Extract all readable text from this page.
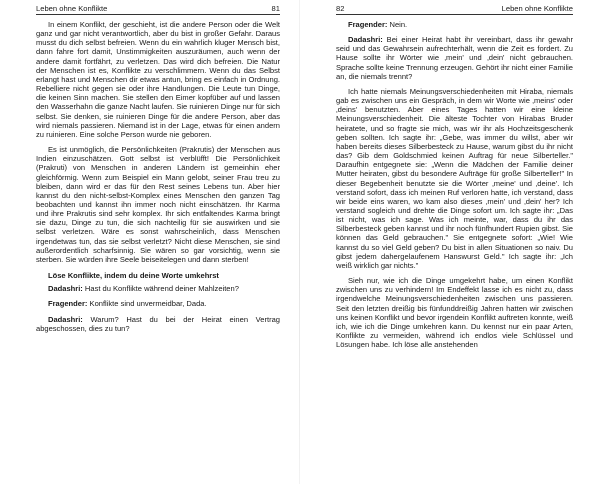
Leben ohne Konflikte	81

In einem Konflikt, der geschieht, ist die andere Person oder die Welt ganz und gar nicht verantwortlich, aber du bist in großer Gefahr. Daraus musst du dich selbst befreien. Wenn du ein wahrlich kluger Mensch bist, dann fahre fort damit, Unstimmigkeiten auszuräumen, auch wenn der andere damit fortfährt, zu verletzen. Das wird dich befreien. Die Natur der Menschen ist es, Konflikte zu verschlimmern. Wenn du das Selbst erlangt hast und Menschen dir etwas antun, bring es einfach in Ordnung. Rebelliere nicht gegen sie oder ihre Handlungen. Die Leute tun Dinge, die keinen Sinn machen. Sie stellen den Eimer kopfüber auf und lassen den Wasserhahn die ganze Nacht laufen. Sie ruinieren Dinge nur für sich selbst. Sie denken, sie ruinieren Dinge für die andere Person, aber das wird niemals passieren. Niemand ist in der Lage, etwas für einen andern zu ruinieren. Eine solche Person wurde nie geboren.

Es ist unmöglich, die Persönlichkeiten (Prakrutis) der Menschen aus Indien einzuschätzen. Gott selbst ist verblüfft! Die Persönlichkeit (Prakruti) von Menschen in anderen Ländern ist gemeinhin eher gleichförmig. Wenn zum Beispiel ein Mann gelobt, seiner Frau treu zu bleiben, dann wird er das für den Rest seines Lebens tun. Aber hier kannst du den nicht-selbst-Komplex eines Menschen den ganzen Tag beobachten und kannst ihn immer noch nicht einschätzen. Ihr Karma und ihre Prakrutis sind sehr komplex. Ihr sich entfaltendes Karma bringt sie dazu, Dinge zu tun, die sich nachteilig für sie auswirken und sie selbst verletzen. Wäre es sonst wahrscheinlich, dass Menschen irgendetwas tun, das sie selbst verletzt? Nicht diese Menschen, sie sind außerordentlich scharfsinnig. Sie wären so gar vorsichtig, wenn sie sterben. Sie würden ihre Seele beiseitelegen und dann sterben!

Löse Konflikte, indem du deine Worte umkehrst

Dadashri: Hast du Konflikte während deiner Mahlzeiten?

Fragender: Konflikte sind unvermeidbar, Dada.

Dadashri: Warum? Hast du bei der Heirat einen Vertrag abgeschossen, dies zu tun?

82	Leben ohne Konflikte

Fragender: Nein.

Dadashri: Bei einer Heirat habt ihr vereinbart, dass ihr gewahr seid und das Gewahrsein aufrechterhält, wenn die Zeit es fordert. Zu Hause sollte ihr Wörter wie ‚mein' und ‚dein' nicht gebrauchen. Sprache sollte keine Trennung erzeugen. Gehört ihr nicht einer Familie an, die niemals trennt?

Ich hatte niemals Meinungsverschiedenheiten mit Hiraba, niemals gab es zwischen uns ein Gespräch, in dem wir Worte wie ‚meins' oder ‚deins' benutzten. Aber eines Tages hatten wir eine kleine Meinungsverschiedenheit. Die älteste Tochter von Hirabas Bruder heiratete, und so fragte sie mich, was wir ihr als Hochzeitsgeschenk geben sollten. Ich sagte ihr: „Gebe, was immer du willst, aber wir haben bereits dieses Silberbesteck zu Hause, warum gibst du ihr nicht das? Gib dem Goldschmied keinen Auftrag für neue Silberteller." Daraufhin entgegnete sie: „Wenn die Mädchen der Familie deiner Mutter heiraten, gibst du besondere Aufträge für große Silberteller!" In dieser Begebenheit benutzte sie die Wörter ‚meine' und ‚deine'. Ich verstand sofort, dass ich meinen Ruf verloren hatte, ich verstand, dass wir beide eins waren, wo kam also dieses ‚mein' und ‚dein' her? Ich verstand sogleich und drehte die Dinge sofort um. Ich sagte ihr: „Das ist nicht, was ich sage. Was ich meinte, war, dass du ihr das Silberbesteck geben kannst und ihr noch fünfhundert Rupien gibst. Sie können das Geld gebrauchen." Sie entgegnete sofort: „Wie! Wie kannst du so viel Geld geben? Du bist in allen Situationen so naiv. Du gibst jedem dahergelaufenem Hanswurst Geld." Ich sagte ihr: „Ich weiß wirklich gar nichts."

Sieh nur, wie ich die Dinge umgekehrt habe, um einen Konflikt zwischen uns zu verhindern! Im Endeffekt lasse ich es nicht zu, dass irgendwelche Meinungsverschiedenheiten zwischen uns passieren. Seit den letzten dreißig bis fünfunddreißig Jahren hatten wir zwischen uns keinen Konflikt und bevor irgendein Konflikt auftreten konnte, weiß ich, wie ich die Dinge umkehren kann. Du kennst nur ein paar Arten, Konflikte zu vermeiden, während ich endlos viele Schlüssel und Lösungen habe. Ich löse alle anstehenden
